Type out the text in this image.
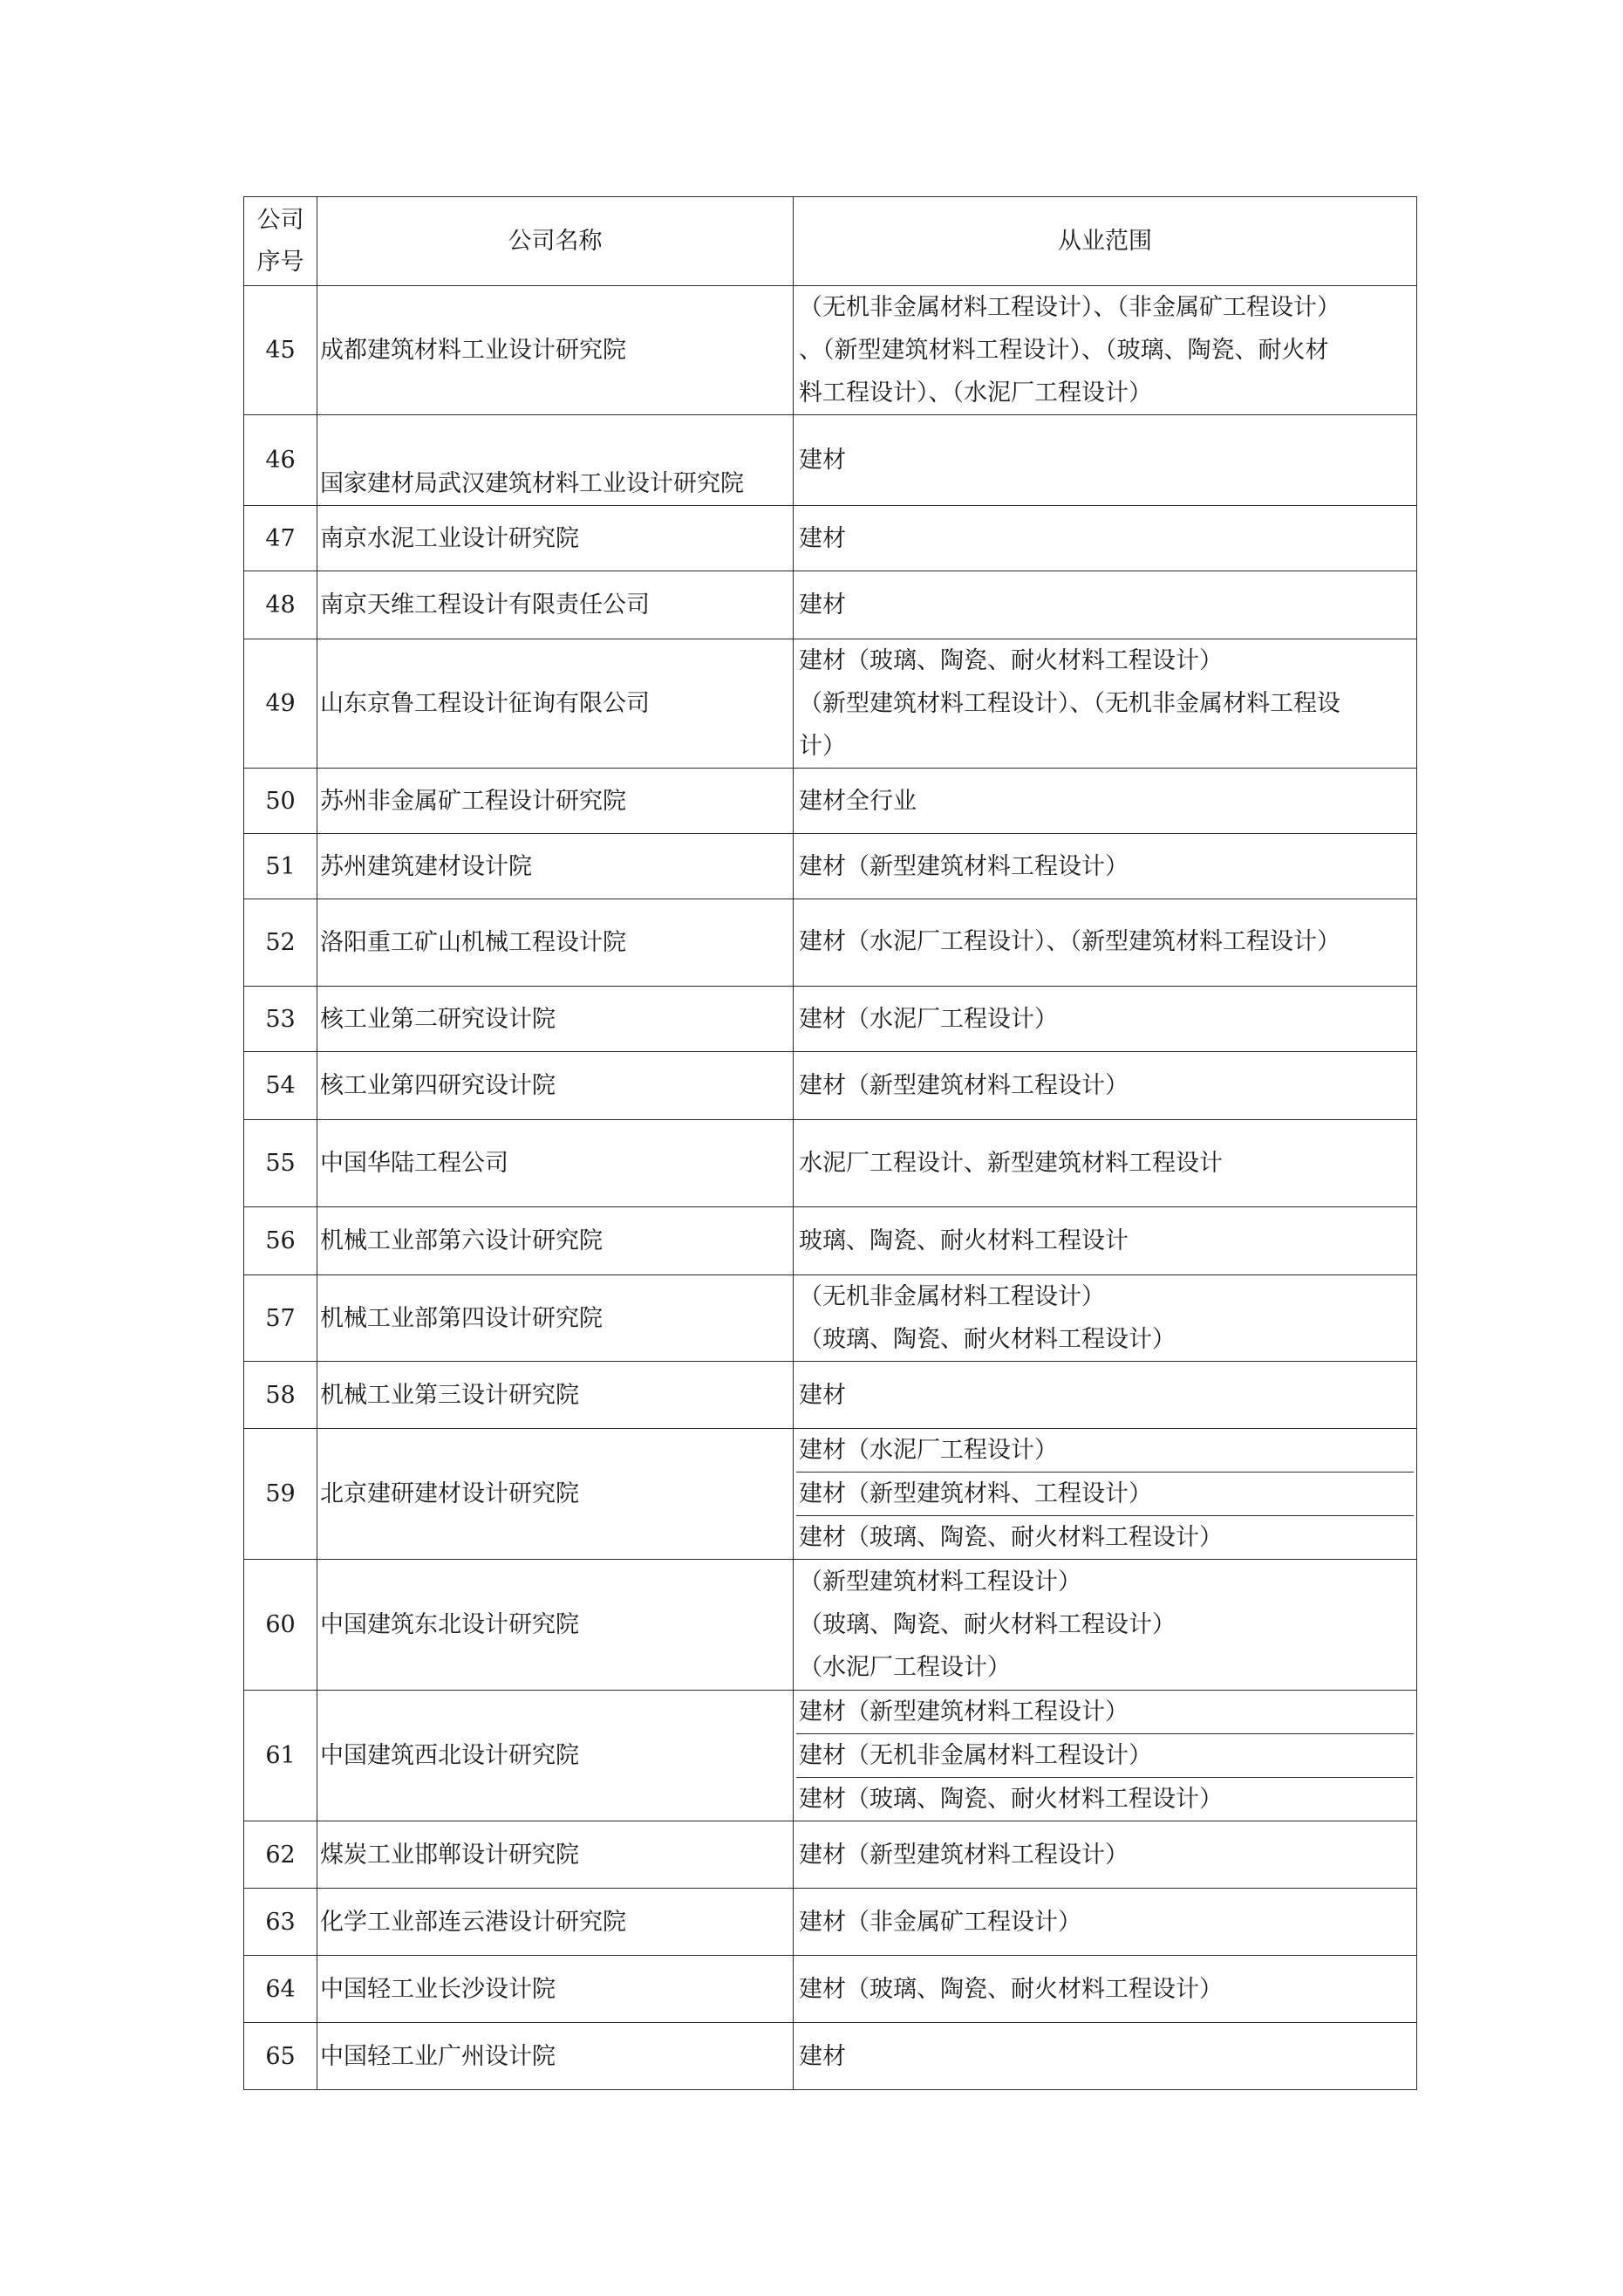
公司
序号	公司名称	从业范围
45	成都建筑材料工业设计研究院	（无机非金属材料工程设计）、（非金属矿工程设计）
、（新型建筑材料工程设计）、（玻璃、陶瓷、耐火材
料工程设计）、（水泥厂工程设计）

46	国家建材局武汉建筑材料工业设计研究院	建材

47	南京水泥工业设计研究院	建材

48	南京天维工程设计有限责任公司	建材

49	山东京鲁工程设计征询有限公司	建材（玻璃、陶瓷、耐火材料工程设计）
（新型建筑材料工程设计）、（无机非金属材料工程设
计）

50	苏州非金属矿工程设计研究院	建材全行业

51	苏州建筑建材设计院	建材（新型建筑材料工程设计）

52	洛阳重工矿山机械工程设计院	建材（水泥厂工程设计）、（新型建筑材料工程设计）

53	核工业第二研究设计院	建材（水泥厂工程设计）

54	核工业第四研究设计院	建材（新型建筑材料工程设计）

55	中国华陆工程公司	水泥厂工程设计、新型建筑材料工程设计

56	机械工业部第六设计研究院	玻璃、陶瓷、耐火材料工程设计

57	机械工业部第四设计研究院	（无机非金属材料工程设计）
（玻璃、陶瓷、耐火材料工程设计）

58	机械工业第三设计研究院	建材

59	北京建研建材设计研究院	建材（水泥厂工程设计）
建材（新型建筑材料、工程设计）
建材（玻璃、陶瓷、耐火材料工程设计）

60	中国建筑东北设计研究院	（新型建筑材料工程设计）
（玻璃、陶瓷、耐火材料工程设计）
（水泥厂工程设计）

61	中国建筑西北设计研究院	建材（新型建筑材料工程设计）
建材（无机非金属材料工程设计）
建材（玻璃、陶瓷、耐火材料工程设计）

62	煤炭工业邯郸设计研究院	建材（新型建筑材料工程设计）

63	化学工业部连云港设计研究院	建材（非金属矿工程设计）

64	中国轻工业长沙设计院	建材（玻璃、陶瓷、耐火材料工程设计）

65	中国轻工业广州设计院	建材
